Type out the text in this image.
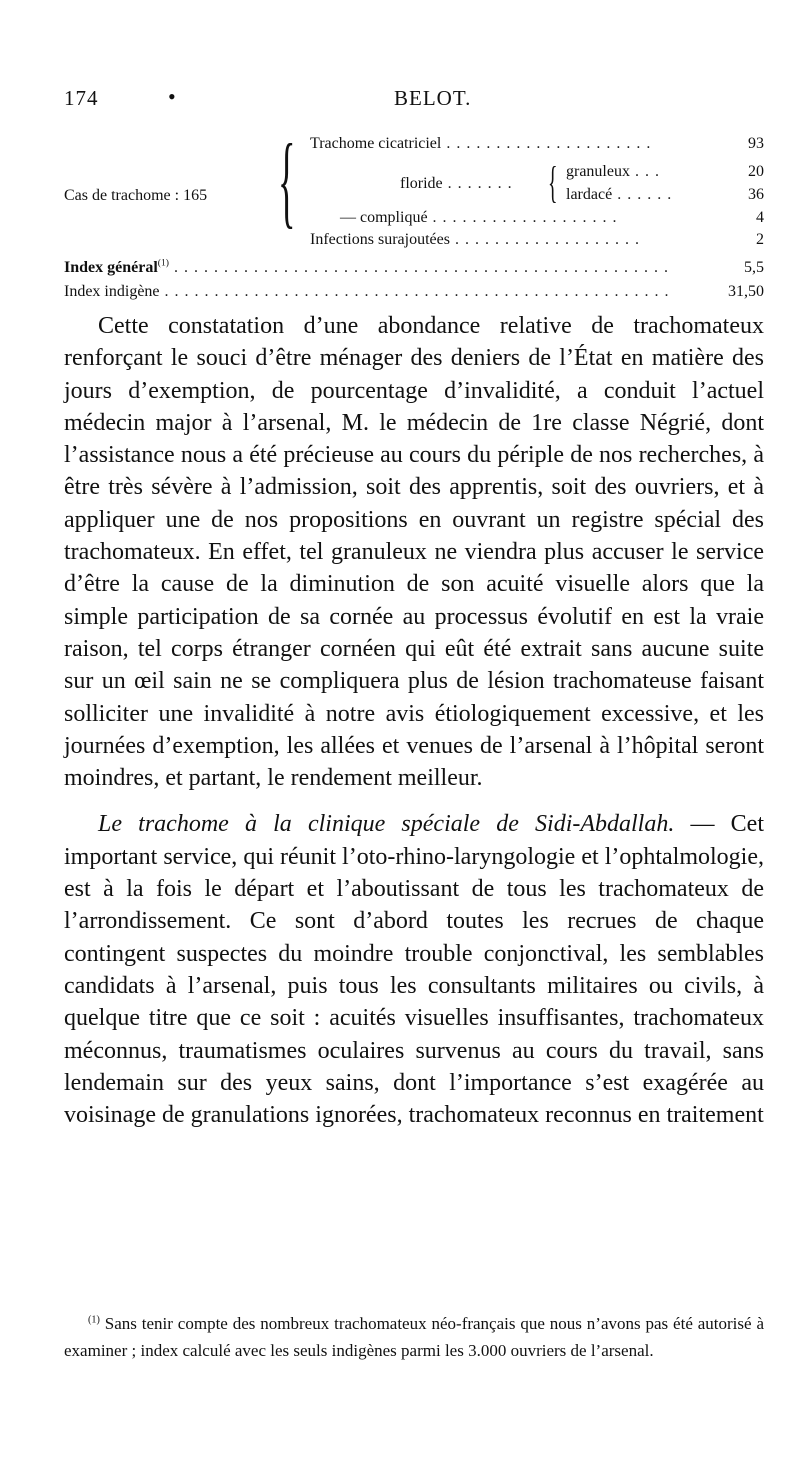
174	•	BELOT.
Cas de trachome : 165 { Trachome cicatriciel . . . . . . . . . . . . . . . . . . . . .	93
floride . . . . . . . { granuleux . . .	20
lardacé . . . . . .	36
— compliqué . . . . . . . . . . . . . . . . . . .	4
Infections surajoutées . . . . . . . . . . . . . . . . . . .	2
Index général$^{(1)}$ . . . . . . . . . . . . . . . . . . . . . . . . . . . . . . . . . . . . . . . . . . . . . . . . . .	5,5
Index indigène . . . . . . . . . . . . . . . . . . . . . . . . . . . . . . . . . . . . . . . . . . . . . . . . . . .	31,50

Cette constatation d’une abondance relative de trachomateux renforçant le souci d’être ménager des deniers de l’État en matière des jours d’exemption, de pourcentage d’invalidité, a conduit l’actuel médecin major à l’arsenal, M. le médecin de 1re classe Négrié, dont l’assistance nous a été précieuse au cours du périple de nos recherches, à être très sévère à l’admission, soit des apprentis, soit des ouvriers, et à appliquer une de nos propositions en ouvrant un registre spécial des trachomateux. En effet, tel granuleux ne viendra plus accuser le service d’être la cause de la diminution de son acuité visuelle alors que la simple participation de sa cornée au processus évolutif en est la vraie raison, tel corps étranger cornéen qui eût été extrait sans aucune suite sur un œil sain ne se compliquera plus de lésion trachomateuse faisant solliciter une invalidité à notre avis étiologiquement excessive, et les journées d’exemption, les allées et venues de l’arsenal à l’hôpital seront moindres, et partant, le rendement meilleur.

Le trachome à la clinique spéciale de Sidi-Abdallah. — Cet important service, qui réunit l’oto-rhino-laryngologie et l’ophtalmologie, est à la fois le départ et l’aboutissant de tous les trachomateux de l’arrondissement. Ce sont d’abord toutes les recrues de chaque contingent suspectes du moindre trouble conjonctival, les semblables candidats à l’arsenal, puis tous les consultants militaires ou civils, à quelque titre que ce soit : acuités visuelles insuffisantes, trachomateux méconnus, traumatismes oculaires survenus au cours du travail, sans lendemain sur des yeux sains, dont l’importance s’est exagérée au voisinage de granulations ignorées, trachomateux reconnus en traitement

$^{(1)}$ Sans tenir compte des nombreux trachomateux néo-français que nous n’avons pas été autorisé à examiner ; index calculé avec les seuls indigènes parmi les 3.000 ouvriers de l’arsenal.
